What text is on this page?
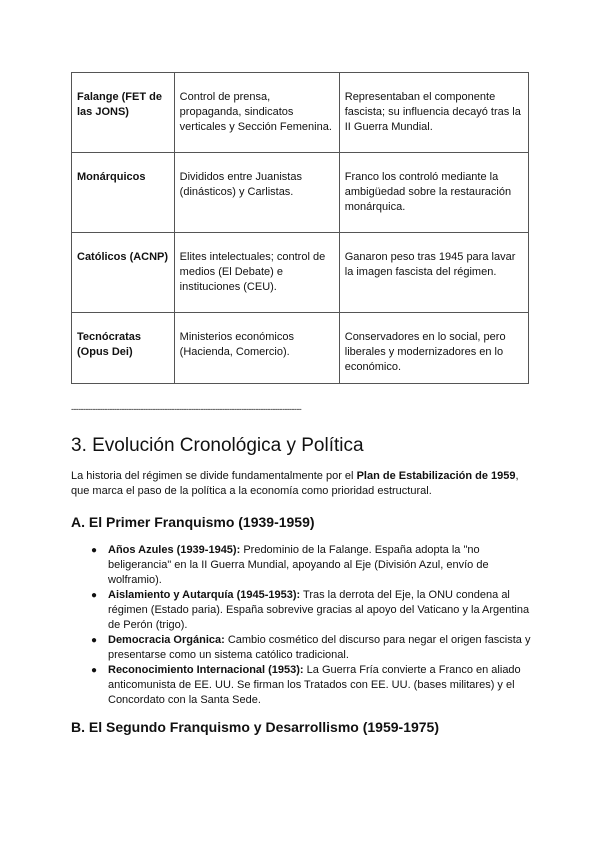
Falange (FET de las JONS)	Control de prensa, propaganda, sindicatos verticales y Sección Femenina.	Representaban el componente fascista; su influencia decayó tras la II Guerra Mundial.
Monárquicos	Divididos entre Juanistas (dinásticos) y Carlistas.	Franco los controló mediante la ambigüedad sobre la restauración monárquica.
Católicos (ACNP)	Elites intelectuales; control de medios (El Debate) e instituciones (CEU).	Ganaron peso tras 1945 para lavar la imagen fascista del régimen.
Tecnócratas (Opus Dei)	Ministerios económicos (Hacienda, Comercio).	Conservadores en lo social, pero liberales y modernizadores en lo económico.
------------------------------------------------------------------------------------------------
3. Evolución Cronológica y Política

La historia del régimen se divide fundamentalmente por el Plan de Estabilización de 1959, que marca el paso de la política a la economía como prioridad estructural.

A. El Primer Franquismo (1939-1959)
● Años Azules (1939-1945): Predominio de la Falange. España adopta la "no beligerancia" en la II Guerra Mundial, apoyando al Eje (División Azul, envío de wolframio).
● Aislamiento y Autarquía (1945-1953): Tras la derrota del Eje, la ONU condena al régimen (Estado paria). España sobrevive gracias al apoyo del Vaticano y la Argentina de Perón (trigo).
● Democracia Orgánica: Cambio cosmético del discurso para negar el origen fascista y presentarse como un sistema católico tradicional.
● Reconocimiento Internacional (1953): La Guerra Fría convierte a Franco en aliado anticomunista de EE. UU. Se firman los Tratados con EE. UU. (bases militares) y el Concordato con la Santa Sede.
B. El Segundo Franquismo y Desarrollismo (1959-1975)
